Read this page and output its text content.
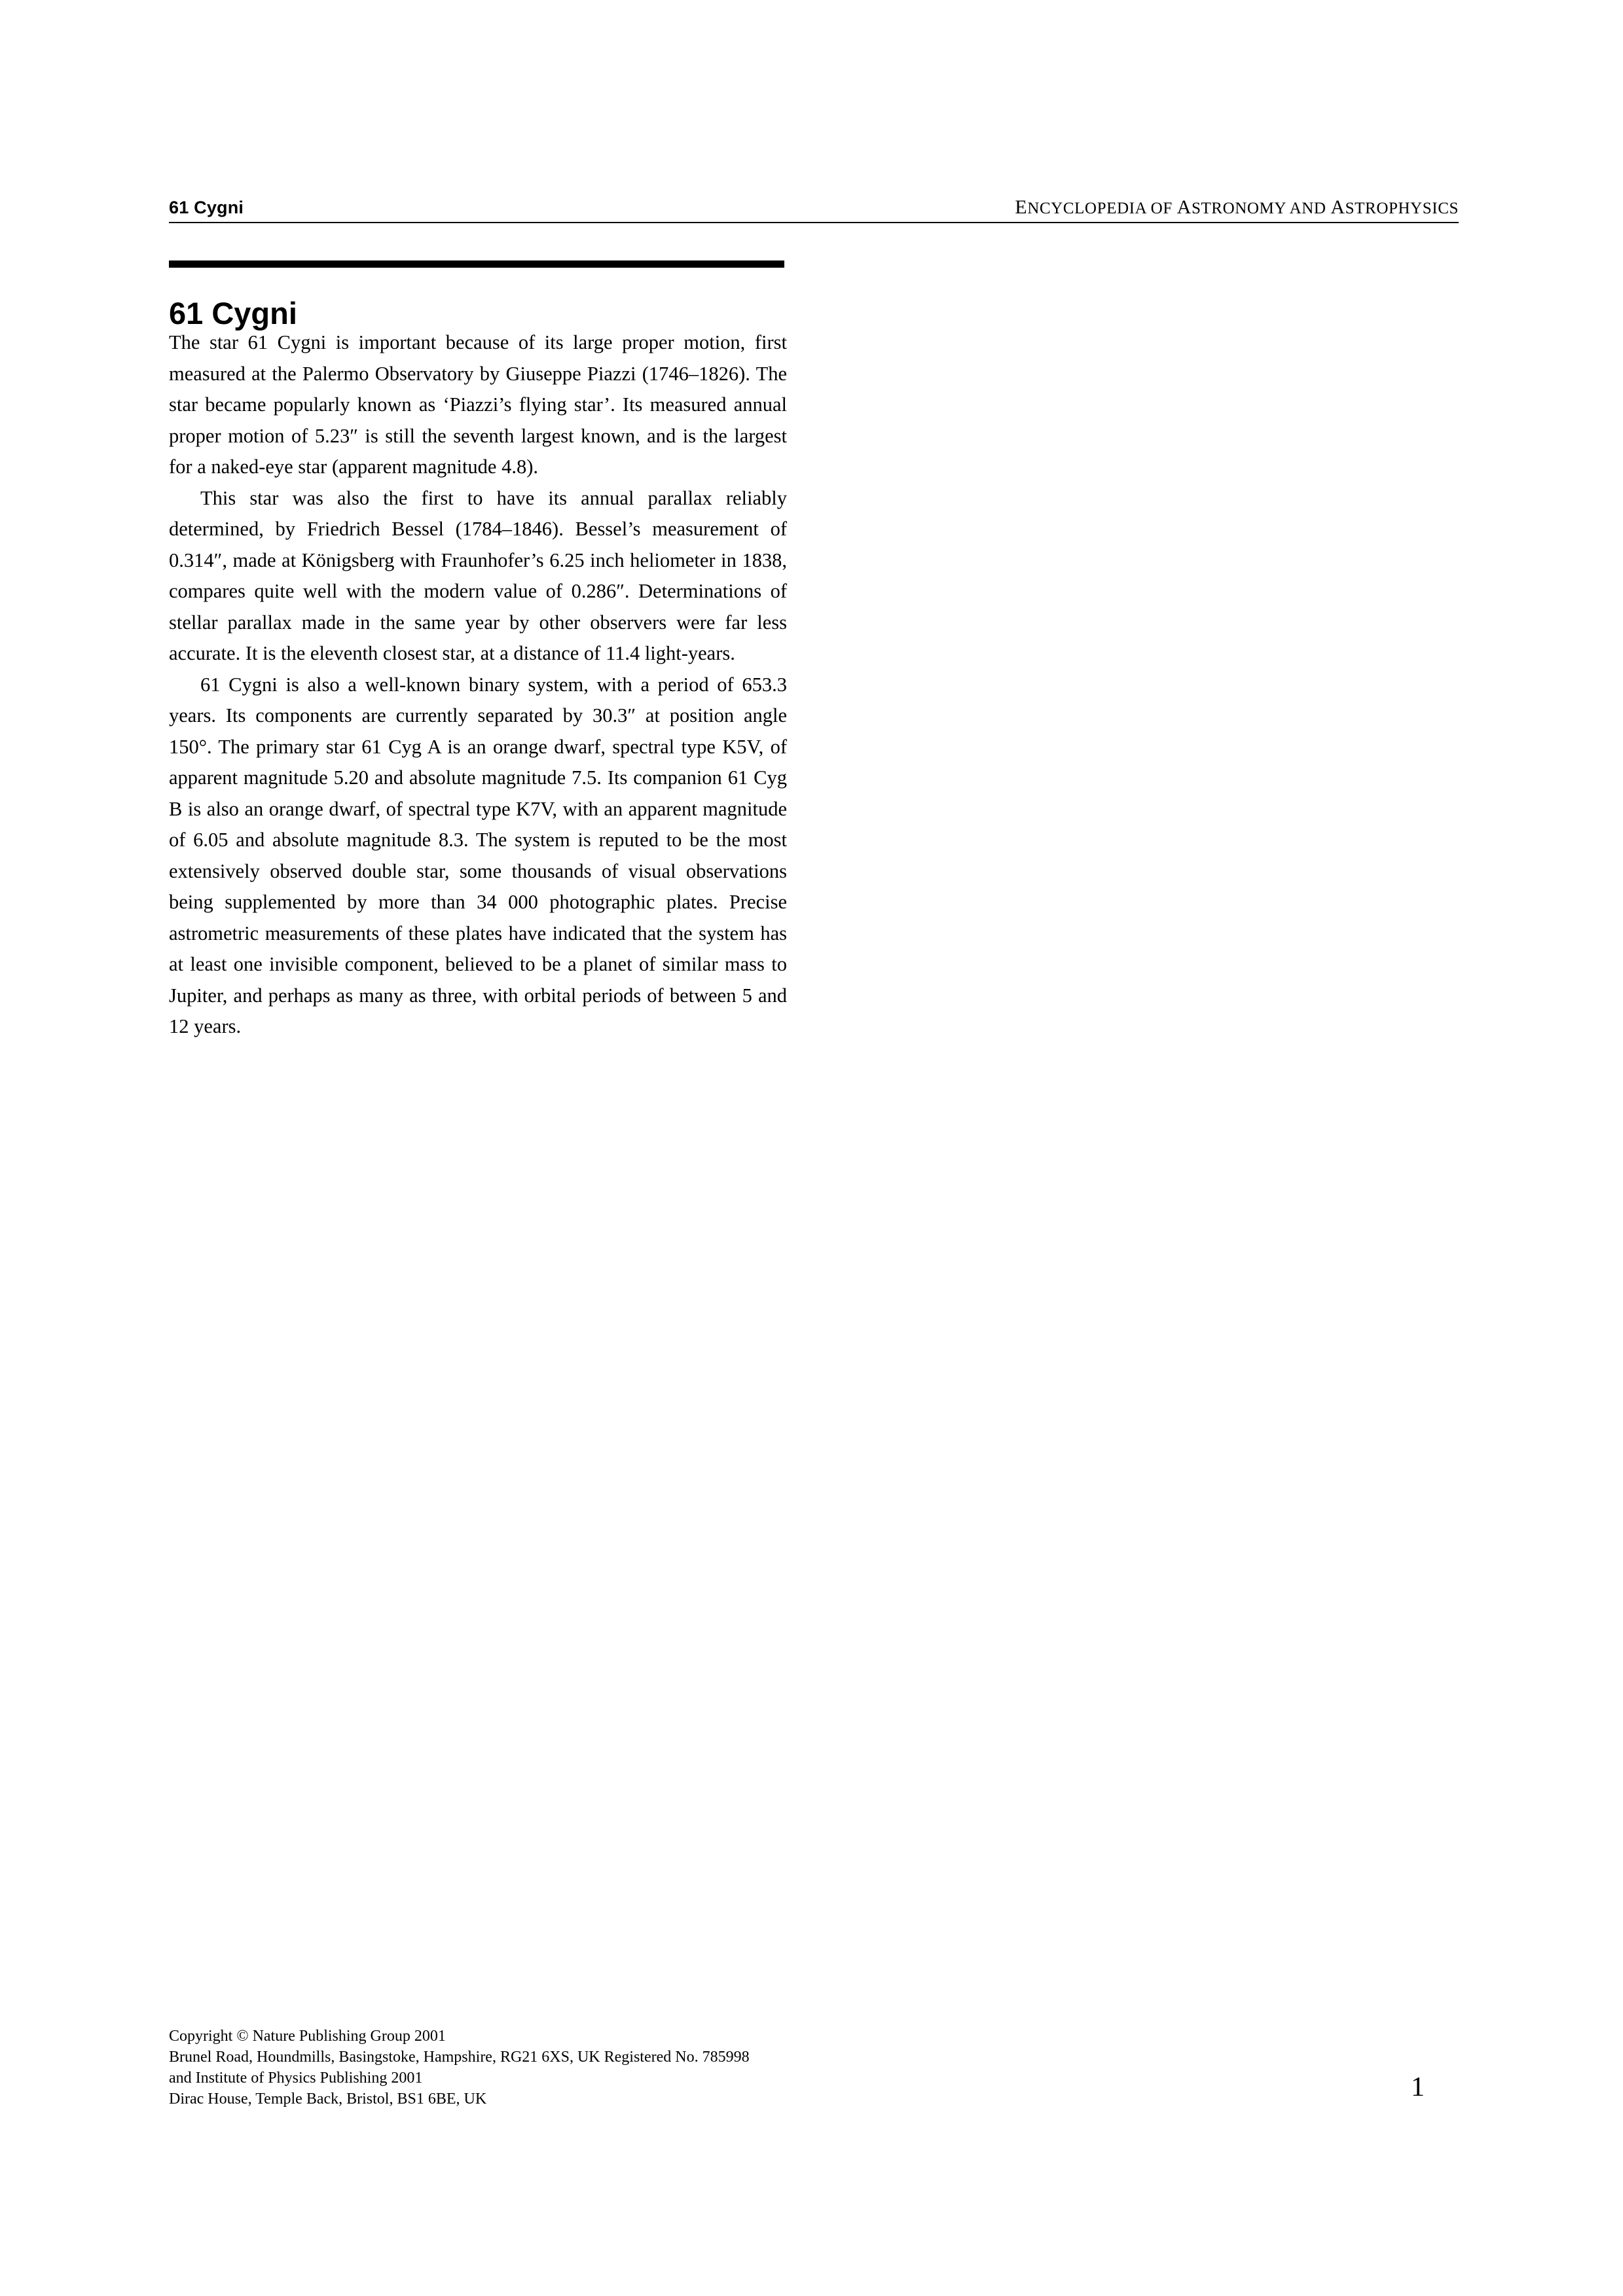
61 Cygni	ENCYCLOPEDIA OF ASTRONOMY AND ASTROPHYSICS
61 Cygni

The star 61 Cygni is important because of its large proper motion, first measured at the Palermo Observatory by Giuseppe Piazzi (1746–1826). The star became popularly known as ‘Piazzi’s flying star’. Its measured annual proper motion of 5.23″ is still the seventh largest known, and is the largest for a naked-eye star (apparent magnitude 4.8).

This star was also the first to have its annual parallax reliably determined, by Friedrich Bessel (1784–1846). Bessel’s measurement of 0.314″, made at Königsberg with Fraunhofer’s 6.25 inch heliometer in 1838, compares quite well with the modern value of 0.286″. Determinations of stellar parallax made in the same year by other observers were far less accurate. It is the eleventh closest star, at a distance of 11.4 light-years.

61 Cygni is also a well-known binary system, with a period of 653.3 years. Its components are currently separated by 30.3″ at position angle 150°. The primary star 61 Cyg A is an orange dwarf, spectral type K5V, of apparent magnitude 5.20 and absolute magnitude 7.5. Its companion 61 Cyg B is also an orange dwarf, of spectral type K7V, with an apparent magnitude of 6.05 and absolute magnitude 8.3. The system is reputed to be the most extensively observed double star, some thousands of visual observations being supplemented by more than 34 000 photographic plates. Precise astrometric measurements of these plates have indicated that the system has at least one invisible component, believed to be a planet of similar mass to Jupiter, and perhaps as many as three, with orbital periods of between 5 and 12 years.

Copyright © Nature Publishing Group 2001
Brunel Road, Houndmills, Basingstoke, Hampshire, RG21 6XS, UK Registered No. 785998
and Institute of Physics Publishing 2001
Dirac House, Temple Back, Bristol, BS1 6BE, UK	1
